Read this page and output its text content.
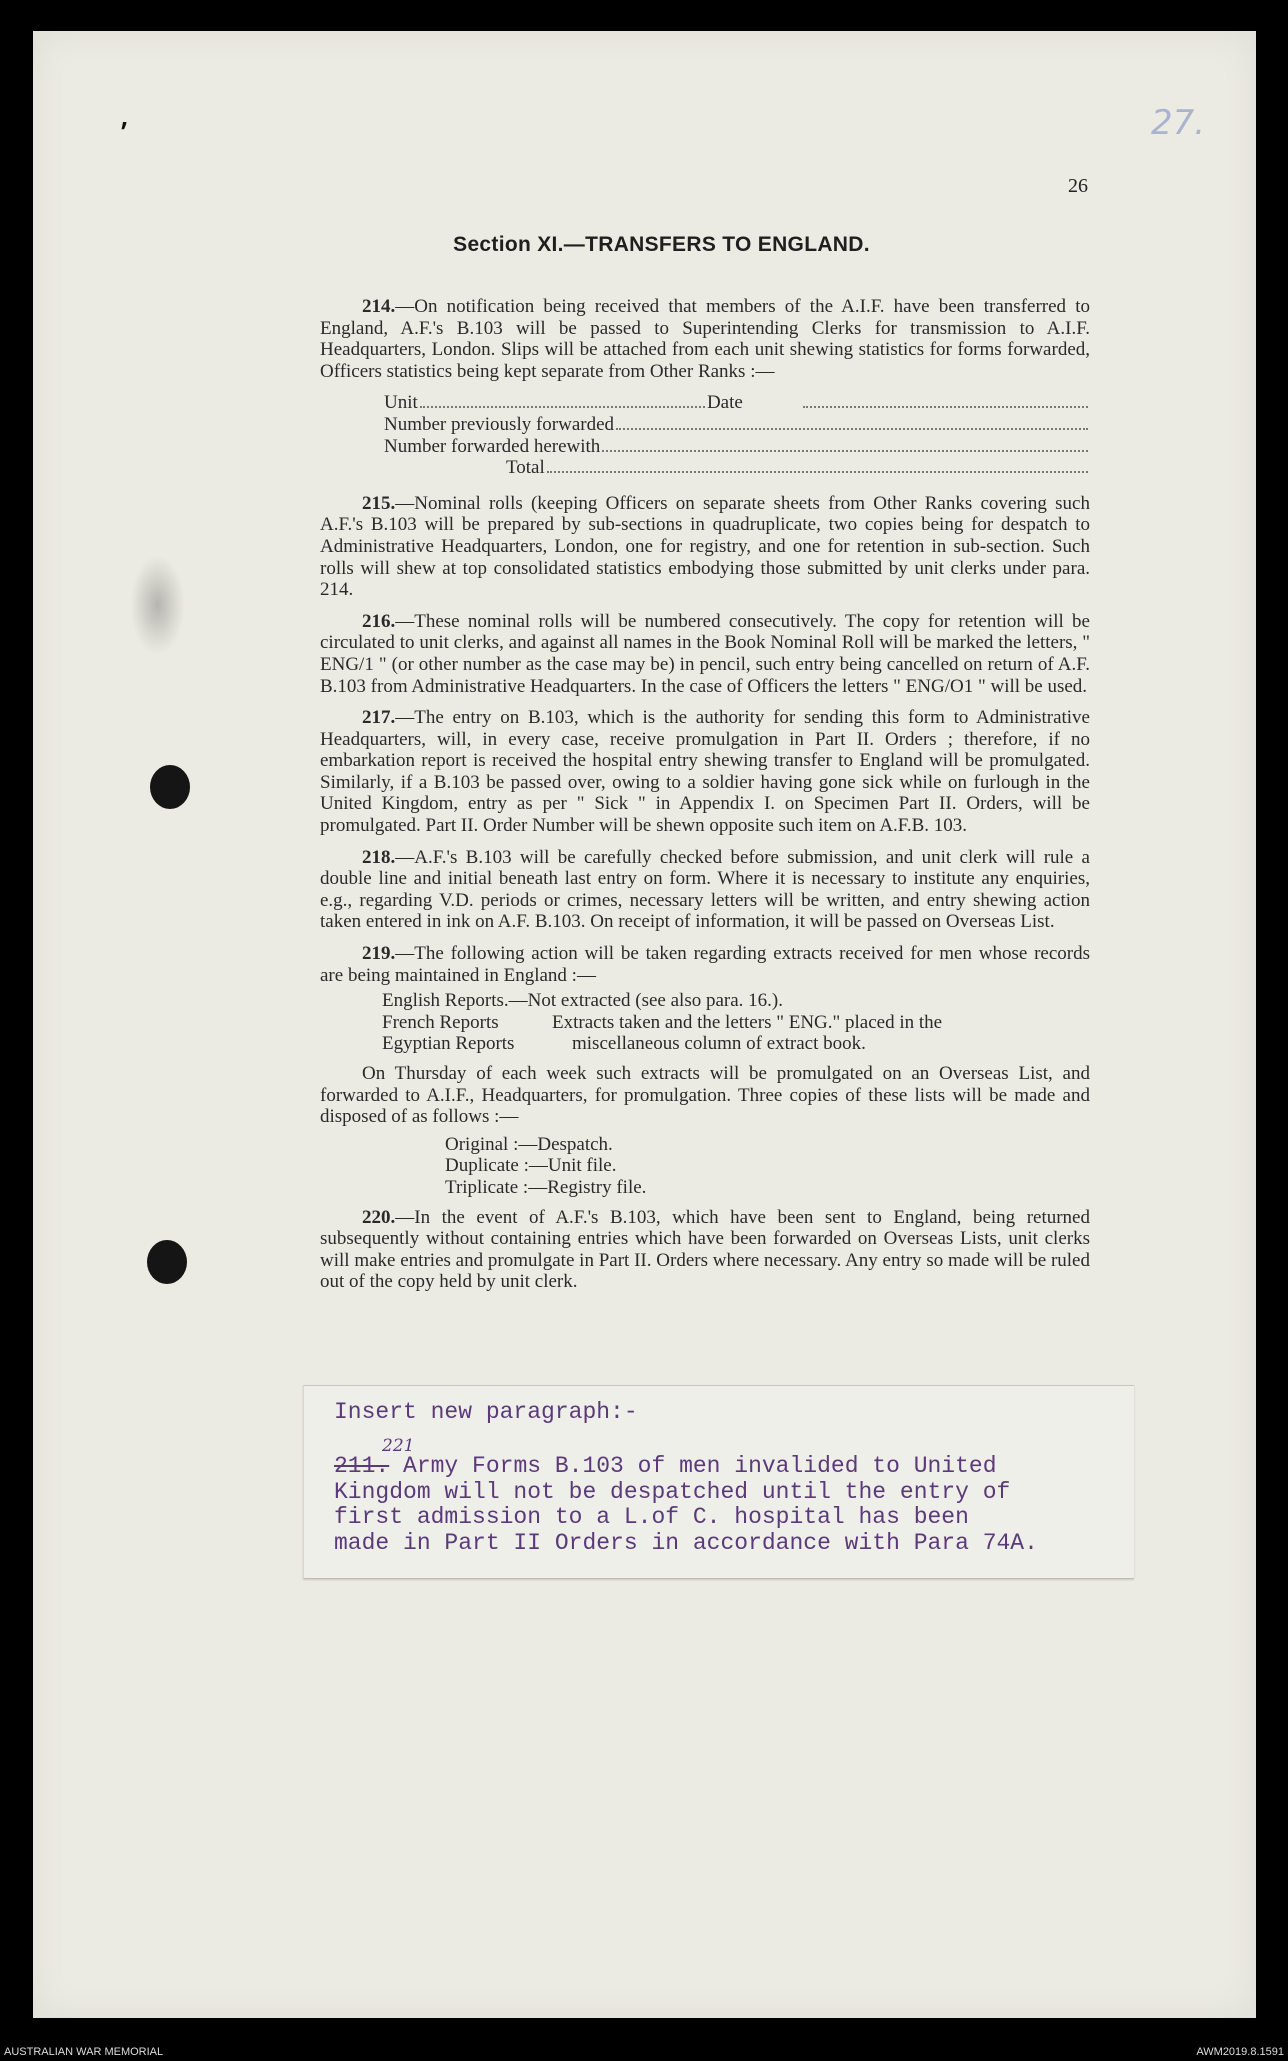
⸴	27.
26
Section XI.—TRANSFERS TO ENGLAND.

214.—On notification being received that members of the A.I.F. have been transferred to England, A.F.'s B.103 will be passed to Superintending Clerks for transmission to A.I.F. Headquarters, London. Slips will be attached from each unit shewing statistics for forms forwarded, Officers statistics being kept separate from Other Ranks :—

Unit	Date
Number previously forwarded
Number forwarded herewith
Total

215.—Nominal rolls (keeping Officers on separate sheets from Other Ranks covering such A.F.'s B.103 will be prepared by sub-sections in quadruplicate, two copies being for despatch to Administrative Headquarters, London, one for registry, and one for retention in sub-section. Such rolls will shew at top consolidated statistics embodying those submitted by unit clerks under para. 214.

216.—These nominal rolls will be numbered consecutively. The copy for retention will be circulated to unit clerks, and against all names in the Book Nominal Roll will be marked the letters, " ENG/1 " (or other number as the case may be) in pencil, such entry being cancelled on return of A.F. B.103 from Administrative Headquarters. In the case of Officers the letters " ENG/O1 " will be used.

217.—The entry on B.103, which is the authority for sending this form to Administrative Headquarters, will, in every case, receive promulgation in Part II. Orders ; therefore, if no embarkation report is received the hospital entry shewing transfer to England will be promulgated. Similarly, if a B.103 be passed over, owing to a soldier having gone sick while on furlough in the United Kingdom, entry as per " Sick " in Appendix I. on Specimen Part II. Orders, will be promulgated. Part II. Order Number will be shewn opposite such item on A.F.B. 103.

218.—A.F.'s B.103 will be carefully checked before submission, and unit clerk will rule a double line and initial beneath last entry on form. Where it is necessary to institute any enquiries, e.g., regarding V.D. periods or crimes, necessary letters will be written, and entry shewing action taken entered in ink on A.F. B.103. On receipt of information, it will be passed on Overseas List.

219.—The following action will be taken regarding extracts received for men whose records are being maintained in England :—

English Reports.—Not extracted (see also para. 16.).
French Reports	Extracts taken and the letters " ENG." placed in the
Egyptian Reports	miscellaneous column of extract book.

On Thursday of each week such extracts will be promulgated on an Overseas List, and forwarded to A.I.F., Headquarters, for promulgation. Three copies of these lists will be made and disposed of as follows :—

Original :—Despatch.
Duplicate :—Unit file.
Triplicate :—Registry file.

220.—In the event of A.F.'s B.103, which have been sent to England, being returned subsequently without containing entries which have been forwarded on Overseas Lists, unit clerks will make entries and promulgate in Part II. Orders where necessary. Any entry so made will be ruled out of the copy held by unit clerk.

Insert new paragraph:-
221
211. Army Forms B.103 of men invalided to United
Kingdom will not be despatched until the entry of
first admission to a L.of C. hospital has been
made in Part II Orders in accordance with Para 74A.
AUSTRALIAN WAR MEMORIAL	AWM2019.8.1591
